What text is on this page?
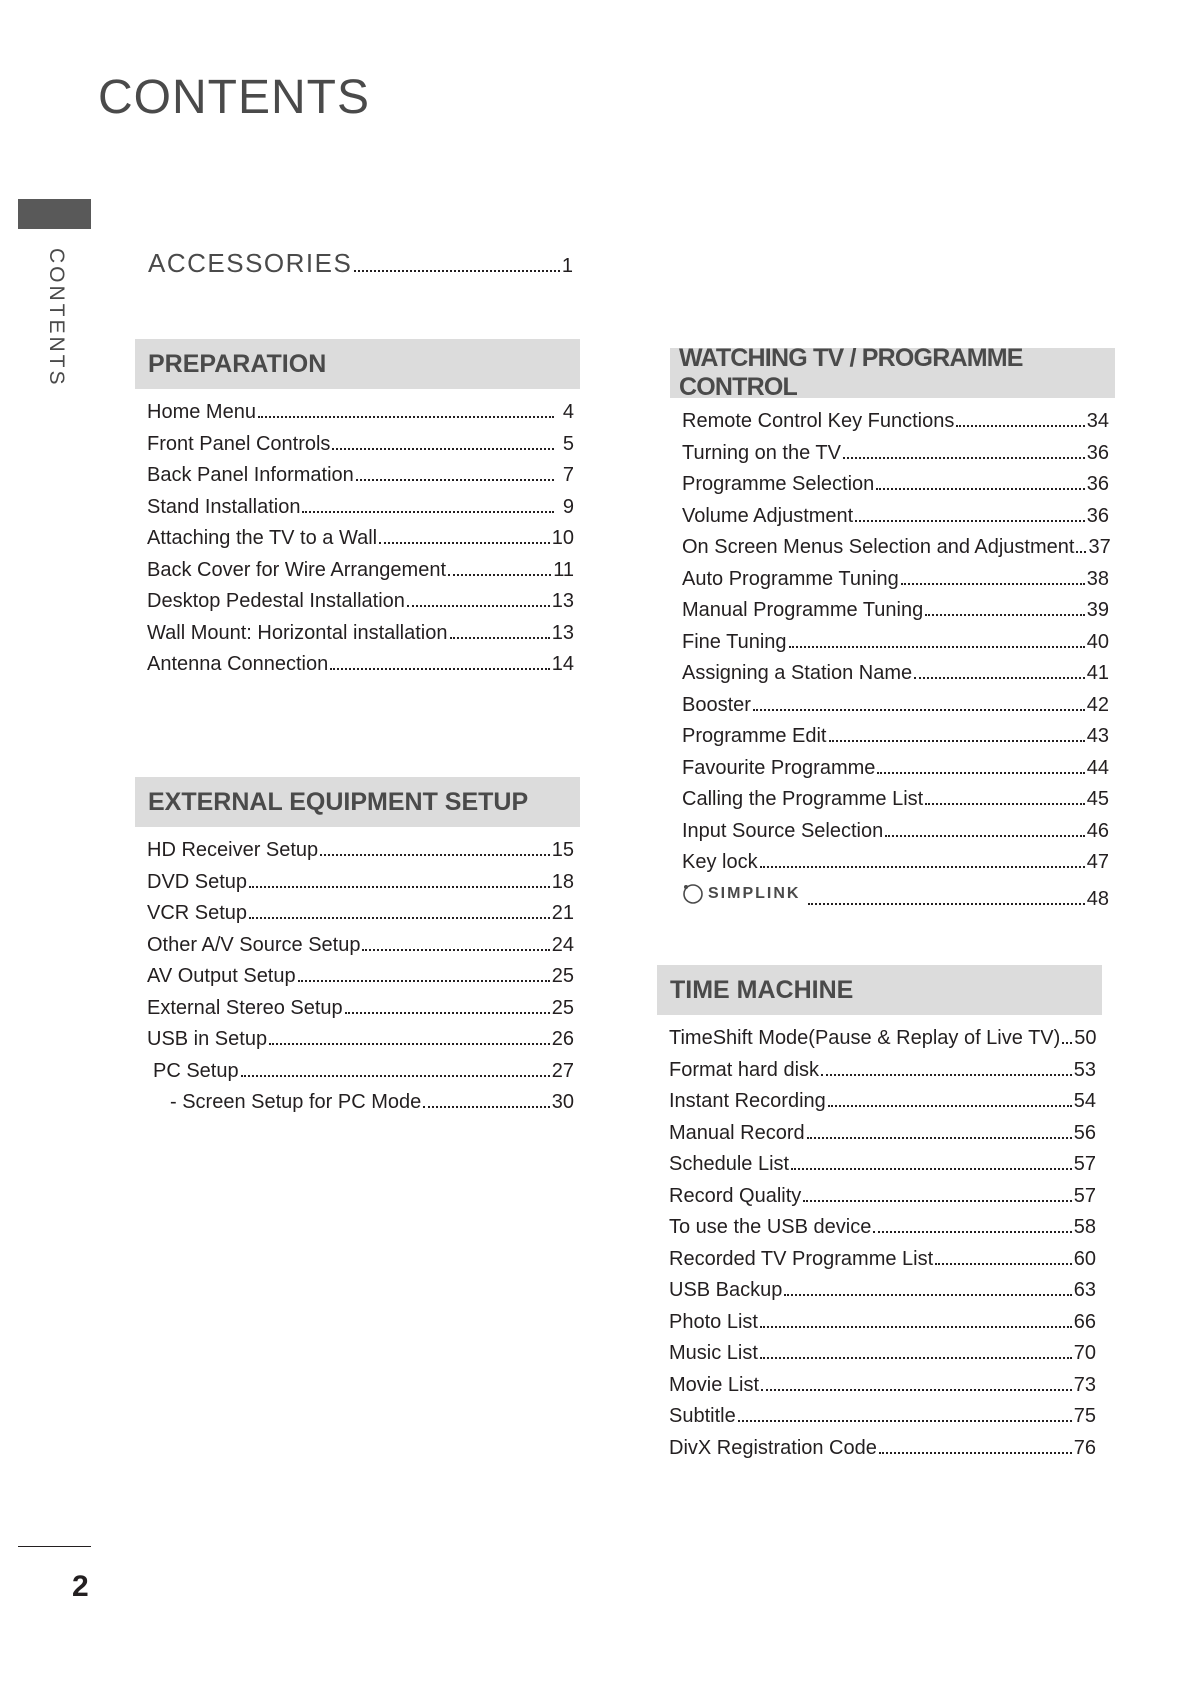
CONTENTS
CONTENTS	ACCESSORIES	1
PREPARATION
Home Menu	4
Front Panel Controls	5
Back Panel Information	7
Stand Installation	9
Attaching the TV to a Wall	10
Back Cover for Wire Arrangement	11
Desktop Pedestal Installation	13
Wall Mount: Horizontal installation	13
Antenna Connection	14
EXTERNAL EQUIPMENT SETUP
HD Receiver Setup	15
DVD Setup	18
VCR Setup	21
Other A/V Source Setup	24
AV Output Setup	25
External Stereo Setup	25
USB in Setup	26
PC Setup	27
- Screen Setup for PC Mode	30
WATCHING TV / PROGRAMME CONTROL
Remote Control Key Functions	34
Turning on the TV	36
Programme Selection	36
Volume Adjustment	36
On Screen Menus Selection and Adjustment 37
Auto Programme Tuning	38
Manual Programme Tuning	39
Fine Tuning	40
Assigning a Station Name	41
Booster	42
Programme Edit	43
Favourite Programme	44
Calling the Programme List	45
Input Source Selection	46
Key lock	47
SIMPLINK	48
TIME MACHINE
TimeShift Mode(Pause & Replay of Live TV) 50
Format hard disk	53
Instant Recording	54
Manual Record	56
Schedule List	57
Record Quality	57
To use the USB device	58
Recorded TV Programme List	60
USB Backup	63
Photo List	66
Music List	70
Movie List	73
Subtitle	75
DivX Registration Code	76
2
